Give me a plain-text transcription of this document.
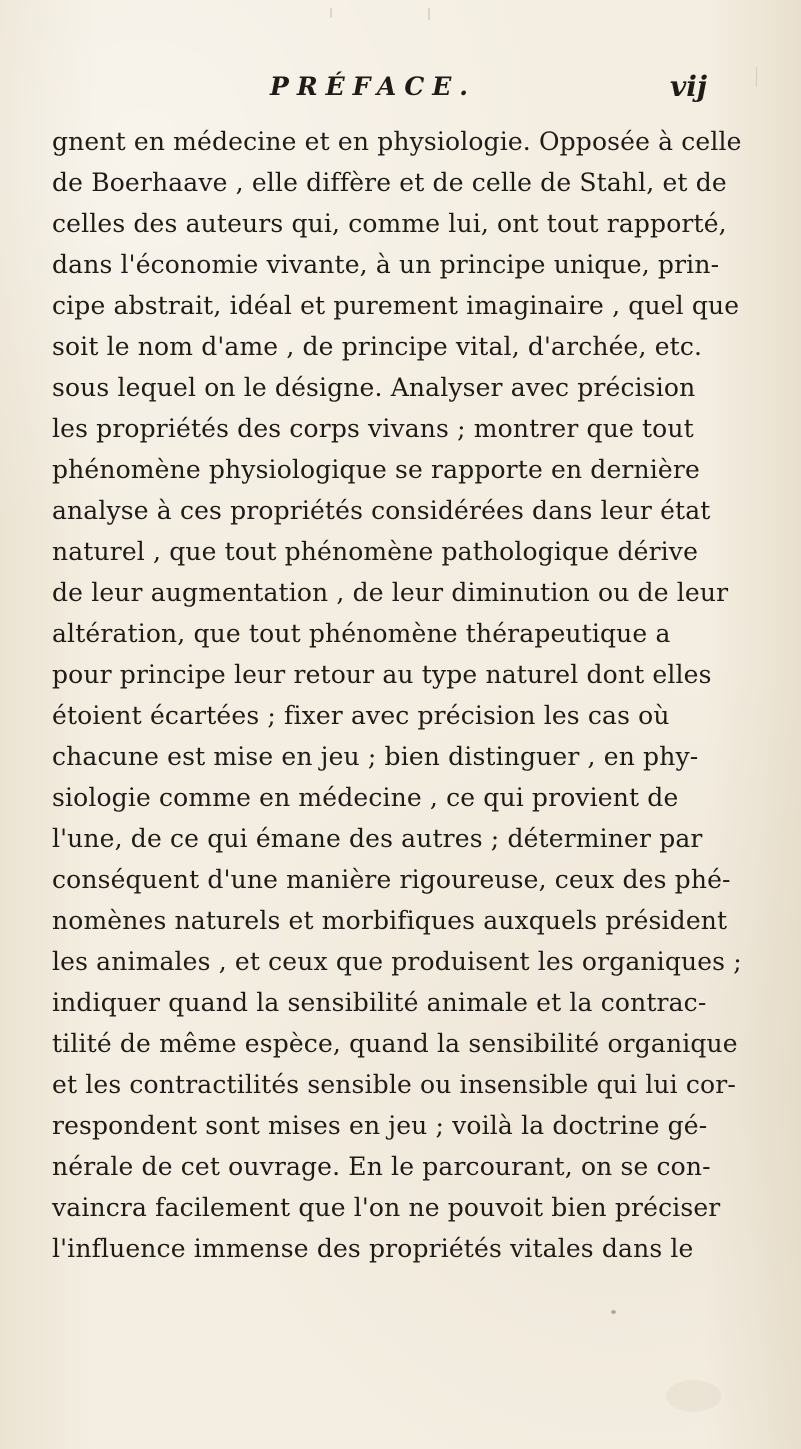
PRÉFACE.	vij
gnent en médecine et en physiologie. Opposée à celle
de Boerhaave , elle diffère et de celle de Stahl, et de
celles des auteurs qui, comme lui, ont tout rapporté,
dans l'économie vivante, à un principe unique, prin-
cipe abstrait, idéal et purement imaginaire , quel que
soit le nom d'ame , de principe vital, d'archée, etc.
sous lequel on le désigne. Analyser avec précision
les propriétés des corps vivans ; montrer que tout
phénomène physiologique se rapporte en dernière
analyse à ces propriétés considérées dans leur état
naturel , que tout phénomène pathologique dérive
de leur augmentation , de leur diminution ou de leur
altération, que tout phénomène thérapeutique a
pour principe leur retour au type naturel dont elles
étoient écartées ; fixer avec précision les cas où
chacune est mise en jeu ; bien distinguer , en phy-
siologie comme en médecine , ce qui provient de
l'une, de ce qui émane des autres ; déterminer par
conséquent d'une manière rigoureuse, ceux des phé-
nomènes naturels et morbifiques auxquels président
les animales , et ceux que produisent les organiques ;
indiquer quand la sensibilité animale et la contrac-
tilité de même espèce, quand la sensibilité organique
et les contractilités sensible ou insensible qui lui cor-
respondent sont mises en jeu ; voilà la doctrine gé-
nérale de cet ouvrage. En le parcourant, on se con-
vaincra facilement que l'on ne pouvoit bien préciser
l'influence immense des propriétés vitales dans le
